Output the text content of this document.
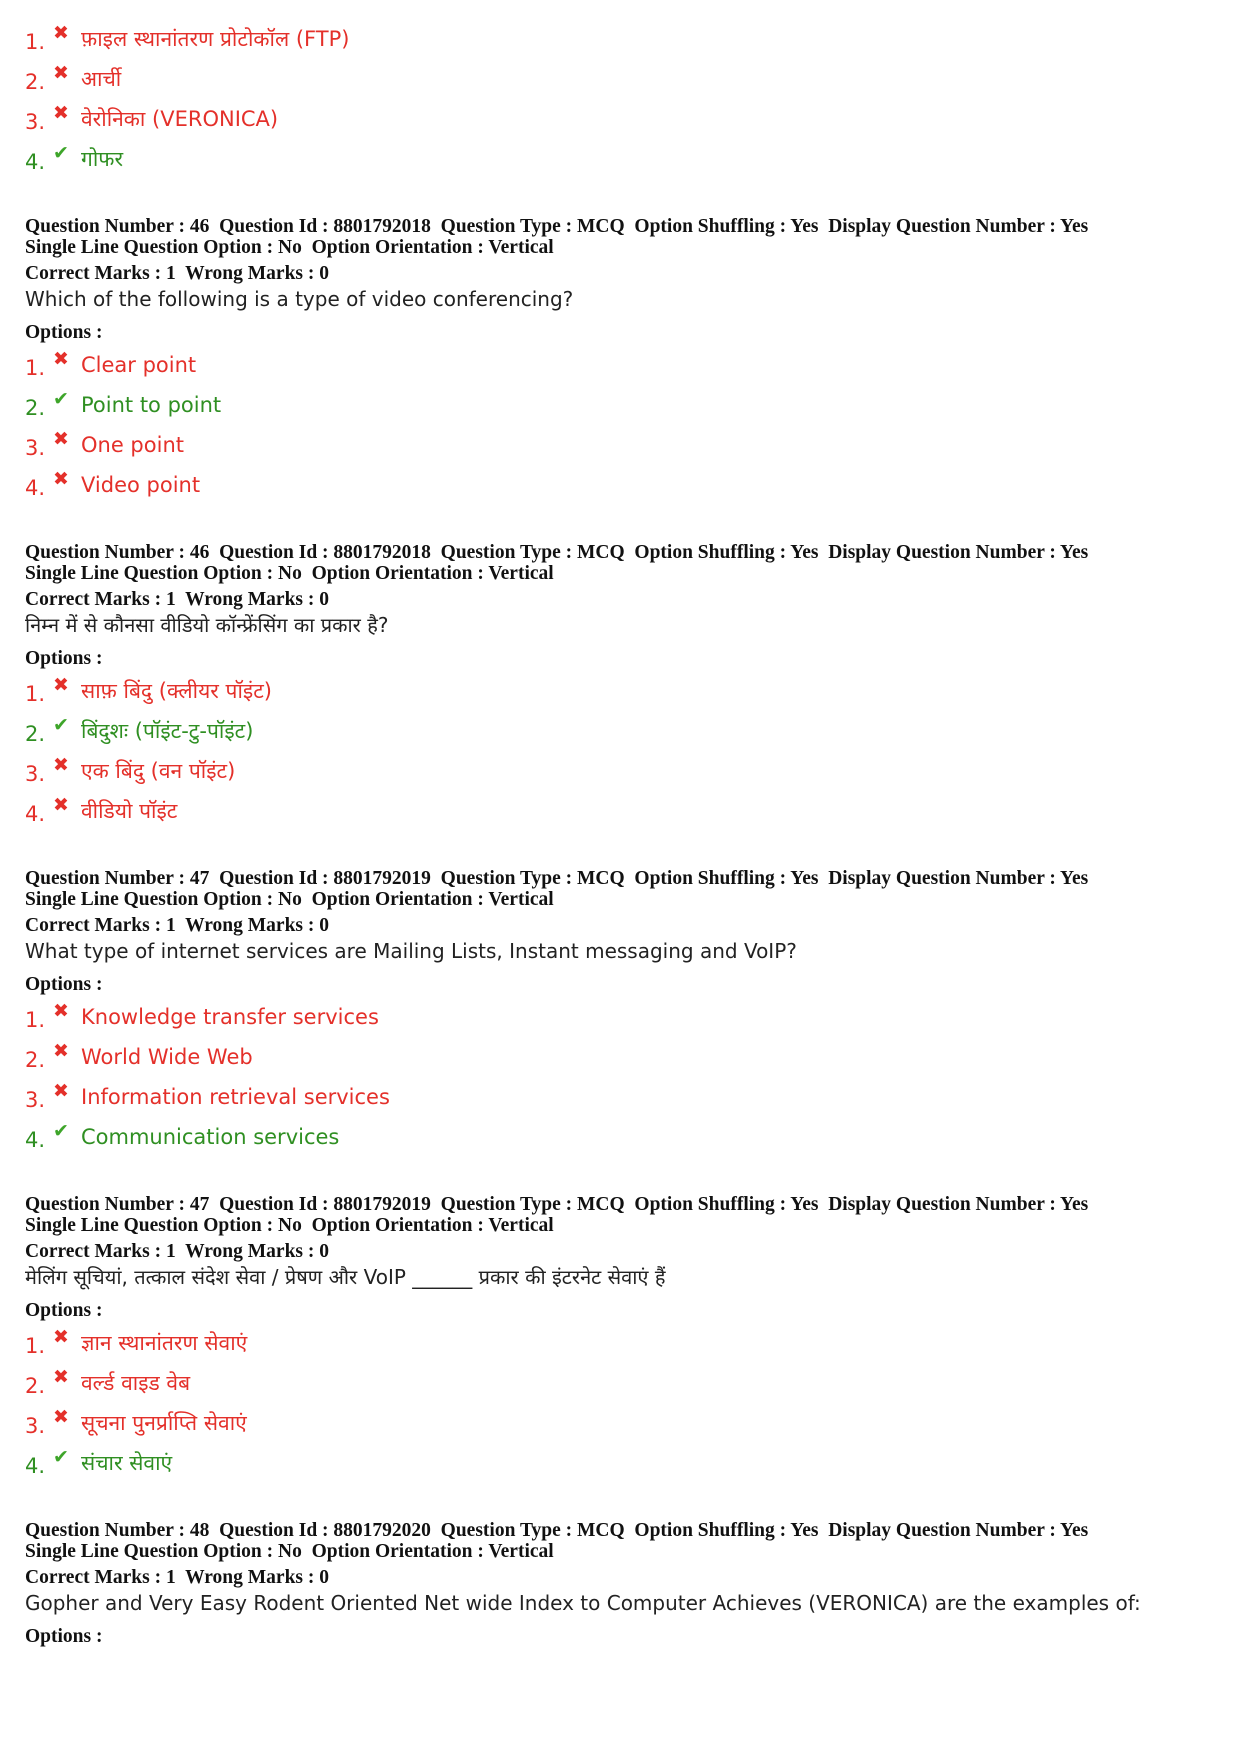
1. ✖ फ़ाइल स्थानांतरण प्रोटोकॉल (FTP)
2. ✖ आर्ची
3. ✖ वेरोनिका (VERONICA)
4. ✔ गोफर
Question Number : 46  Question Id : 8801792018  Question Type : MCQ  Option Shuffling : Yes  Display Question Number : Yes
Single Line Question Option : No  Option Orientation : Vertical
Correct Marks : 1  Wrong Marks : 0
Which of the following is a type of video conferencing?
Options :
1. ✖ Clear point
2. ✔ Point to point
3. ✖ One point
4. ✖ Video point
Question Number : 46  Question Id : 8801792018  Question Type : MCQ  Option Shuffling : Yes  Display Question Number : Yes
Single Line Question Option : No  Option Orientation : Vertical
Correct Marks : 1  Wrong Marks : 0
निम्न में से कौनसा वीडियो कॉन्फ्रेंसिंग का प्रकार है?
Options :
1. ✖ साफ़ बिंदु (क्लीयर पॉइंट)
2. ✔ बिंदुशः (पॉइंट-टु-पॉइंट)
3. ✖ एक बिंदु (वन पॉइंट)
4. ✖ वीडियो पॉइंट
Question Number : 47  Question Id : 8801792019  Question Type : MCQ  Option Shuffling : Yes  Display Question Number : Yes
Single Line Question Option : No  Option Orientation : Vertical
Correct Marks : 1  Wrong Marks : 0
What type of internet services are Mailing Lists, Instant messaging and VoIP?
Options :
1. ✖ Knowledge transfer services
2. ✖ World Wide Web
3. ✖ Information retrieval services
4. ✔ Communication services
Question Number : 47  Question Id : 8801792019  Question Type : MCQ  Option Shuffling : Yes  Display Question Number : Yes
Single Line Question Option : No  Option Orientation : Vertical
Correct Marks : 1  Wrong Marks : 0
मेलिंग सूचियां, तत्काल संदेश सेवा / प्रेषण और VoIP ______ प्रकार की इंटरनेट सेवाएं हैं
Options :
1. ✖ ज्ञान स्थानांतरण सेवाएं
2. ✖ वर्ल्ड वाइड वेब
3. ✖ सूचना पुनर्प्राप्ति सेवाएं
4. ✔ संचार सेवाएं
Question Number : 48  Question Id : 8801792020  Question Type : MCQ  Option Shuffling : Yes  Display Question Number : Yes
Single Line Question Option : No  Option Orientation : Vertical
Correct Marks : 1  Wrong Marks : 0
Gopher and Very Easy Rodent Oriented Net wide Index to Computer Achieves (VERONICA) are the examples of:
Options :
